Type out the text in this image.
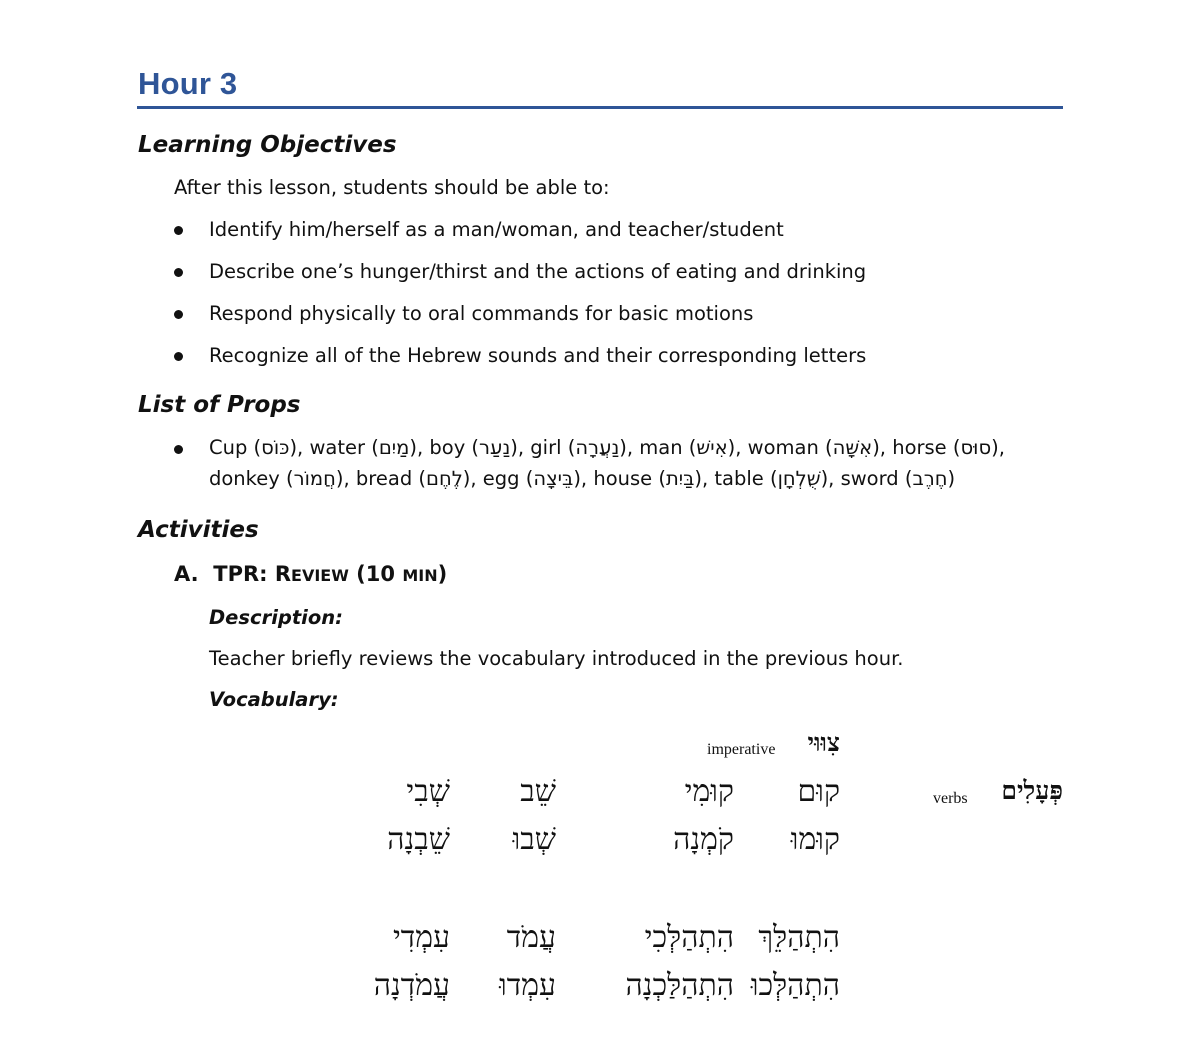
Hour 3
Learning Objectives
After this lesson, students should be able to:
Identify him/herself as a man/woman, and teacher/student
Describe one’s hunger/thirst and the actions of eating and drinking
Respond physically to oral commands for basic motions
Recognize all of the Hebrew sounds and their corresponding letters
List of Props
Cup (כּוֹס), water (מַיִם), boy (נַעַר), girl (נַעֲרָה), man (אִישׁ), woman (אִשָּׁה), horse (סוּס),
donkey (חֲמוֹר), bread (לֶחֶם), egg (בֵּיצָה), house (בַּיִת), table (שֻׁלְחָן), sword (חֶרֶב)
Activities
A. TPR: REVIEW (10 MIN)
Description:
Teacher briefly reviews the vocabulary introduced in the previous hour.
Vocabulary:
imperative	צִוּוּי
verbs	פְּעָלִים
קוּם
קוּמִי
שֵׁב
שְׁבִי
קוּמוּ
קֹמְנָה
שְׁבוּ
שֵׁבְנָה
הִתְהַלֵּךְ
הִתְהַלְּכִי
עֲמֹד
עִמְדִי
הִתְהַלְּכוּ
הִתְהַלַּכְנָה
עִמְדוּ
עֲמֹדְנָה
